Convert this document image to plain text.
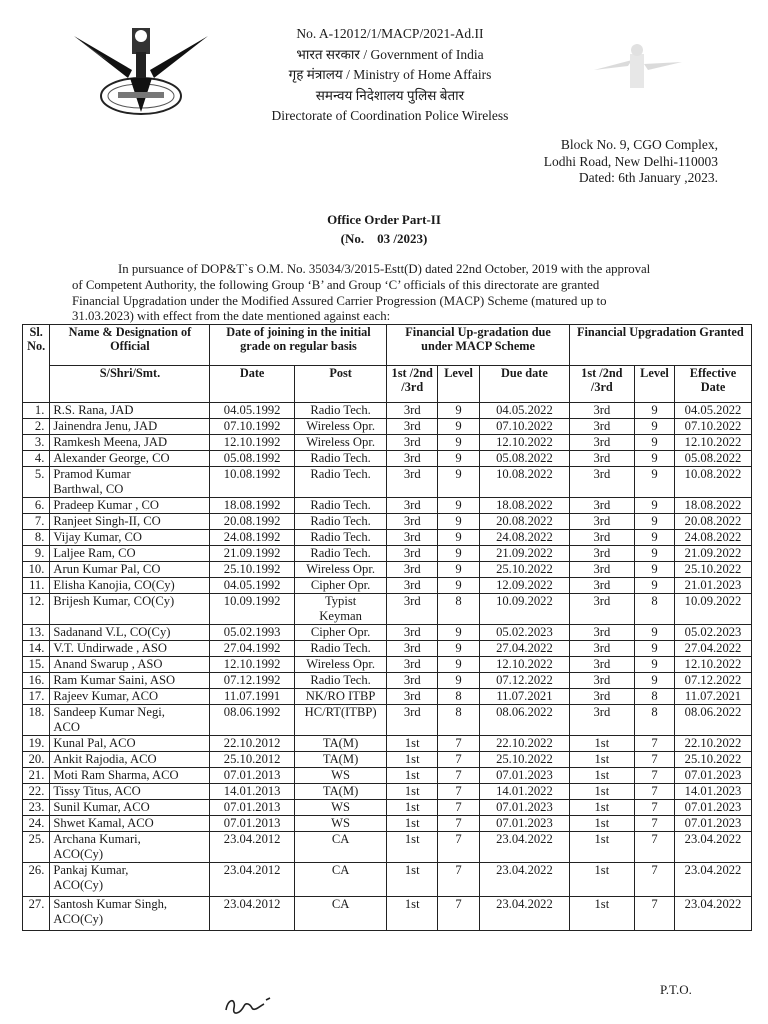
No. A-12012/1/MACP/2021-Ad.II
भारत सरकार / Government of India
गृह मंत्रालय / Ministry of Home Affairs
समन्वय निदेशालय पुलिस बेतार
Directorate of Coordination Police Wireless
Block No. 9, CGO Complex,
Lodhi Road, New Delhi-110003
Dated: 6th January ,2023.
Office Order Part-II
(No.    03 /2023)
In pursuance of DOP&T`s O.M. No. 35034/3/2015-Estt(D) dated 22nd October, 2019 with the approval
of Competent Authority, the following Group ‘B’ and Group ‘C’ officials of this directorate are granted
Financial Upgradation under the Modified Assured Carrier Progression (MACP) Scheme (matured up to
31.03.2023) with effect from the date mentioned against each:
Sl. No.	Name & Designation of Official	Date of joining in the initial grade on regular basis		Financial Up-gradation due under MACP Scheme			Financial Upgradation Granted		
	S/Shri/Smt.	Date	Post	1st /2nd /3rd	Level	Due date	1st /2nd /3rd	Level	Effective Date
1.	R.S. Rana, JAD	04.05.1992	Radio Tech.	3rd	9	04.05.2022	3rd	9	04.05.2022
2.	Jainendra Jenu, JAD	07.10.1992	Wireless Opr.	3rd	9	07.10.2022	3rd	9	07.10.2022
3.	Ramkesh Meena, JAD	12.10.1992	Wireless Opr.	3rd	9	12.10.2022	3rd	9	12.10.2022
4.	Alexander George, CO	05.08.1992	Radio Tech.	3rd	9	05.08.2022	3rd	9	05.08.2022
5.	Pramod Kumar
Barthwal, CO	10.08.1992	Radio Tech.	3rd	9	10.08.2022	3rd	9	10.08.2022
6.	Pradeep Kumar , CO	18.08.1992	Radio Tech.	3rd	9	18.08.2022	3rd	9	18.08.2022
7.	Ranjeet Singh-II, CO	20.08.1992	Radio Tech.	3rd	9	20.08.2022	3rd	9	20.08.2022
8.	Vijay Kumar, CO	24.08.1992	Radio Tech.	3rd	9	24.08.2022	3rd	9	24.08.2022
9.	Laljee Ram, CO	21.09.1992	Radio Tech.	3rd	9	21.09.2022	3rd	9	21.09.2022
10.	Arun Kumar Pal, CO	25.10.1992	Wireless Opr.	3rd	9	25.10.2022	3rd	9	25.10.2022
11.	Elisha Kanojia, CO(Cy)	04.05.1992	Cipher Opr.	3rd	9	12.09.2022	3rd	9	21.01.2023
12.	Brijesh Kumar, CO(Cy)	10.09.1992	Typist
Keyman	3rd	8	10.09.2022	3rd	8	10.09.2022
13.	Sadanand V.L, CO(Cy)	05.02.1993	Cipher Opr.	3rd	9	05.02.2023	3rd	9	05.02.2023
14.	V.T. Undirwade , ASO	27.04.1992	Radio Tech.	3rd	9	27.04.2022	3rd	9	27.04.2022
15.	Anand Swarup , ASO	12.10.1992	Wireless Opr.	3rd	9	12.10.2022	3rd	9	12.10.2022
16.	Ram Kumar Saini, ASO	07.12.1992	Radio Tech.	3rd	9	07.12.2022	3rd	9	07.12.2022
17.	Rajeev Kumar, ACO	11.07.1991	NK/RO ITBP	3rd	8	11.07.2021	3rd	8	11.07.2021
18.	Sandeep Kumar Negi,
ACO	08.06.1992	HC/RT(ITBP)	3rd	8	08.06.2022	3rd	8	08.06.2022
19.	Kunal Pal, ACO	22.10.2012	TA(M)	1st	7	22.10.2022	1st	7	22.10.2022
20.	Ankit Rajodia, ACO	25.10.2012	TA(M)	1st	7	25.10.2022	1st	7	25.10.2022
21.	Moti Ram Sharma, ACO	07.01.2013	WS	1st	7	07.01.2023	1st	7	07.01.2023
22.	Tissy Titus, ACO	14.01.2013	TA(M)	1st	7	14.01.2022	1st	7	14.01.2023
23.	Sunil Kumar, ACO	07.01.2013	WS	1st	7	07.01.2023	1st	7	07.01.2023
24.	Shwet Kamal, ACO	07.01.2013	WS	1st	7	07.01.2023	1st	7	07.01.2023
25.	Archana Kumari,
ACO(Cy)	23.04.2012	CA	1st	7	23.04.2022	1st	7	23.04.2022
26.	Pankaj Kumar,
ACO(Cy)	23.04.2012	CA	1st	7	23.04.2022	1st	7	23.04.2022
27.	Santosh Kumar Singh,
ACO(Cy)	23.04.2012	CA	1st	7	23.04.2022	1st	7	23.04.2022
P.T.O.
